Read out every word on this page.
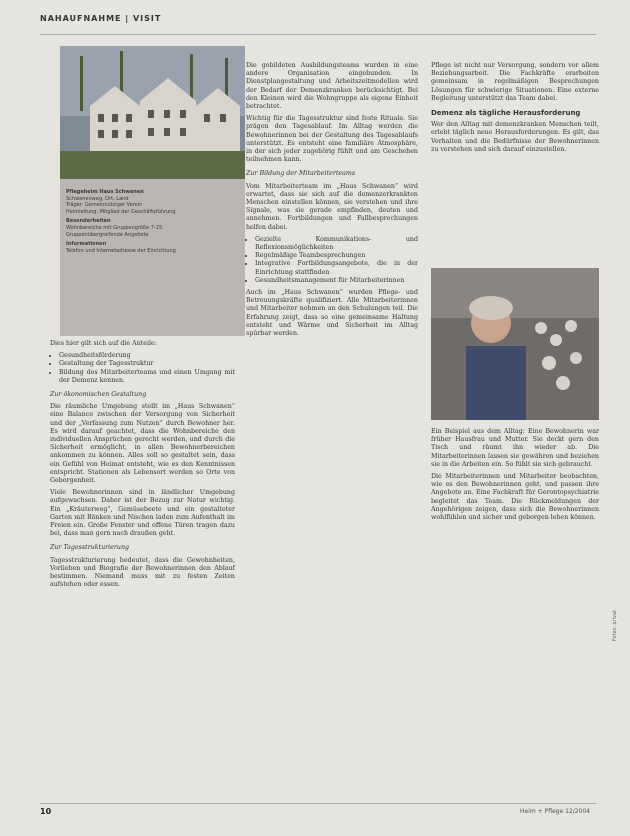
NAHAUFNAHME | VISIT
Pflegeheim Haus Schwanen
Schwanenweg, Ort, Land
Träger: Gemeinnütziger Verein
Heimleitung: Mitglied der Geschäftsführung
Besonderheiten
Wohnbereiche mit Gruppengröße 7-15
Gruppenübergreifende Angebote
Informationen
Telefon und Internetadresse der Einrichtung

Dies hier gilt sich auf die Anteile:

• Gesundheitsförderung
• Gestaltung der Tagesstruktur
• Bildung des Mitarbeiterteams und einen Umgang mit der Demenz kennen.

Zur ökonomischen Gestaltung

Die räumliche Umgebung stellt im „Haus Schwanen“ eine Balance zwischen der Versorgung von Sicherheit und der „Verfassung zum Nutzen“ durch Bewohner her. Es wird darauf geachtet, dass die Wohnbereiche den individuellen Ansprüchen gerecht werden, und durch die Sicherheit ermöglicht, in allen Bewohnerbereichen ankommen zu können. Alles soll so gestaltet sein, dass ein Gefühl von Heimat entsteht, wie es den Kenntnissen entspricht. Stationen als Lebensort werden so Orte von Geborgenheit.

Viele Bewohnerinnen sind in ländlicher Umgebung aufgewachsen. Daher ist der Bezug zur Natur wichtig. Ein „Kräuterweg“, Gemüsebeete und ein gestalteter Garten mit Bänken und Nischen laden zum Aufenthalt im Freien ein. Große Fenster und offene Türen tragen dazu bei, dass man gern nach draußen geht.

Zur Tagesstrukturierung

Tagesstrukturierung bedeutet, dass die Gewohnheiten, Vorlieben und Biografie der Bewohnerinnen den Ablauf bestimmen. Niemand muss mit zu festen Zeiten aufstehen oder essen.

Die gebildeten Ausbildungsteams wurden in eine andere Organisation eingebunden. In Dienstplangestaltung und Arbeitszeitmodellen wird der Bedarf der Demenzkranken berücksichtigt. Bei den Kleinen wird die Wohngruppe als eigene Einheit betrachtet.

Wichtig für die Tagesstruktur sind feste Rituale. Sie prägen den Tagesablauf. Im Alltag werden die Bewohnerinnen bei der Gestaltung des Tagesablaufs unterstützt. Es entsteht eine familiäre Atmosphäre, in der sich jeder zugehörig fühlt und am Geschehen teilnehmen kann.

Zur Bildung der Mitarbeiterteams

Vom Mitarbeiterteam im „Haus Schwanen“ wird erwartet, dass sie sich auf die demenzerkrankten Menschen einstellen können, sie verstehen und ihre Signale, was sie gerade empfinden, deuten und annehmen. Fortbildungen und Fallbesprechungen helfen dabei.

• Gezielte Kommunikations- und Reflexionsmöglichkeiten
• Regelmäßige Teambesprechungen
• Integrative Fortbildungsangebote, die in der Einrichtung stattfinden
• Gesundheitsmanagement für Mitarbeiterinnen

Auch im „Haus Schwanen“ wurden Pflege- und Betreuungskräfte qualifiziert. Alle Mitarbeiterinnen und Mitarbeiter nehmen an den Schulungen teil. Die Erfahrung zeigt, dass so eine gemeinsame Haltung entsteht und Wärme und Sicherheit im Alltag spürbar werden.

Pflege ist nicht nur Versorgung, sondern vor allem Beziehungsarbeit. Die Fachkräfte erarbeiten gemeinsam in regelmäßigen Besprechungen Lösungen für schwierige Situationen. Eine externe Begleitung unterstützt das Team dabei.

Demenz als tägliche Herausforderung

Wer den Alltag mit demenzkranken Menschen teilt, erlebt täglich neue Herausforderungen. Es gilt, das Verhalten und die Bedürfnisse der Bewohnerinnen zu verstehen und sich darauf einzustellen.

Ein Beispiel aus dem Alltag: Eine Bewohnerin war früher Hausfrau und Mutter. Sie deckt gern den Tisch und räumt ihn wieder ab. Die Mitarbeiterinnen lassen sie gewähren und beziehen sie in die Arbeiten ein. So fühlt sie sich gebraucht.

Die Mitarbeiterinnen und Mitarbeiter beobachten, wie es den Bewohnerinnen geht, und passen ihre Angebote an. Eine Fachkraft für Gerontopsychiatrie begleitet das Team. Die Rückmeldungen der Angehörigen zeigen, dass sich die Bewohnerinnen wohlfühlen und sicher und geborgen leben können.

Fotos: privat
10	Heim + Pflege 12/2004
